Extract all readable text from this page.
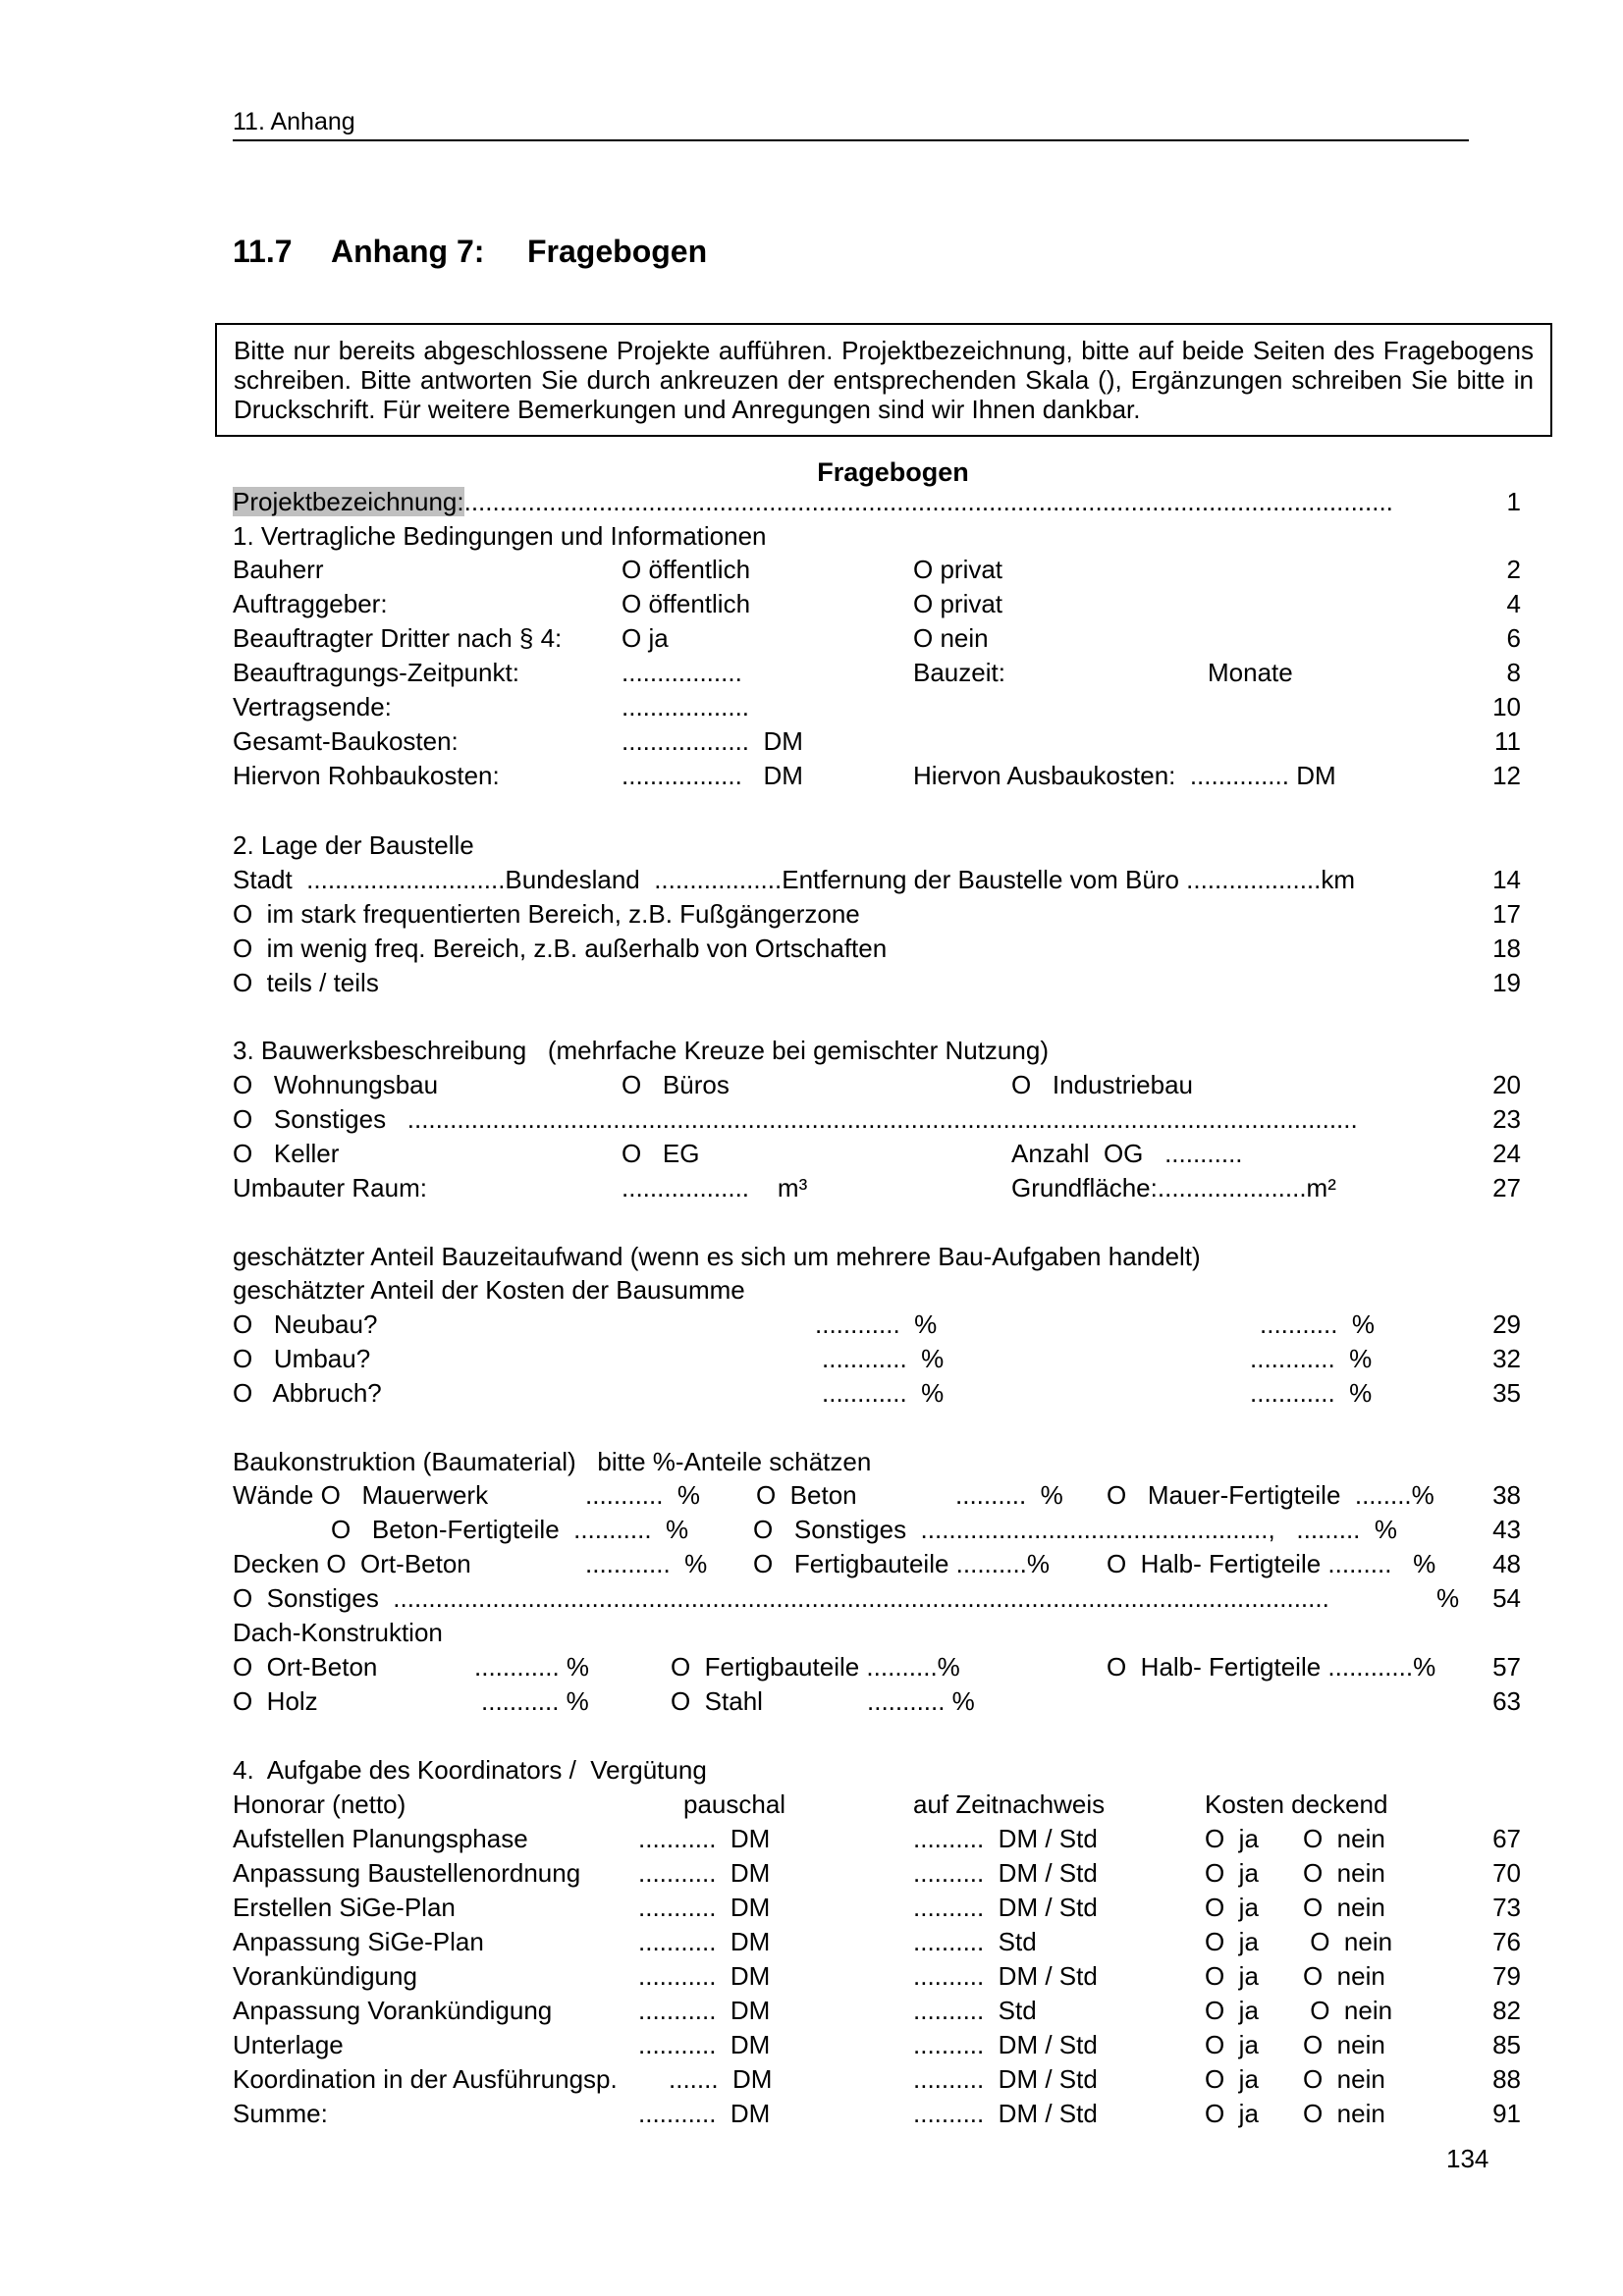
11. Anhang
11.7 Anhang 7: Fragebogen
Bitte nur bereits abgeschlossene Projekte aufführen. Projektbezeichnung, bitte auf beide Seiten des Fragebogens schreiben. Bitte antworten Sie durch ankreuzen der entsprechenden Skala (), Ergänzungen schreiben Sie bitte in Druckschrift. Für weitere Bemerkungen und Anregungen sind wir Ihnen dankbar.
Fragebogen
Projektbezeichnung:...................................................................................................................................	1
1. Vertragliche Bedingungen und Informationen
Bauherr	O öffentlich	O privat	2
Auftraggeber:	O öffentlich	O privat	4
Beauftragter Dritter nach § 4: O ja	O nein	6
Beauftragungs-Zeitpunkt:	.................	Bauzeit:	Monate	8
Vertragsende:	..................	10
Gesamt-Baukosten:	..................  DM	11
Hiervon Rohbaukosten:	.................   DM	Hiervon Ausbaukosten:  .............. DM	12
2. Lage der Baustelle
Stadt  ............................Bundesland  ..................Entfernung der Baustelle vom Büro ...................km	14
O  im stark frequentierten Bereich, z.B. Fußgängerzone	17
O  im wenig freq. Bereich, z.B. außerhalb von Ortschaften	18
O  teils / teils	19
3. Bauwerksbeschreibung   (mehrfache Kreuze bei gemischter Nutzung)
O   Wohnungsbau	O   Büros	O   Industriebau	20
O   Sonstiges   ......................................................................................................................................	23
O   Keller	O   EG	Anzahl  OG   ...........	24
Umbauter Raum:	..................    m³	Grundfläche:.....................m²	27
geschätzter Anteil Bauzeitaufwand (wenn es sich um mehrere Bau-Aufgaben handelt)
geschätzter Anteil der Kosten der Bausumme
O   Neubau?	............  %	...........  %	29
O   Umbau?	............  %	............  %	32
O   Abbruch?	............  %	............  %	35
Baukonstruktion (Baumaterial)   bitte %-Anteile schätzen
Wände O   Mauerwerk	...........  % O  Beton	..........  % O   Mauer-Fertigteile  ........% 38
O   Beton-Fertigteile  ...........  %	O   Sonstiges  .................................................,   .........  %	43
Decken O  Ort-Beton	............  % O   Fertigbauteile ..........% O  Halb- Fertigteile .........   % 48
O  Sonstiges  ....................................................................................................................................	% 54
Dach-Konstruktion
O  Ort-Beton	............ %	O  Fertigbauteile ..........%	O  Halb- Fertigteile ............% 57
O  Holz	........... %	O  Stahl	........... %	63
4.  Aufgabe des Koordinators /  Vergütung
Honorar (netto)	pauschal	auf Zeitnachweis	Kosten deckend
Aufstellen Planungsphase	...........  DM	..........  DM / Std	O  ja O  nein	67
Anpassung Baustellenordnung ...........  DM	..........  DM / Std	O  ja O  nein	70
Erstellen SiGe-Plan	...........  DM	..........  DM / Std	O  ja O  nein	73
Anpassung SiGe-Plan	...........  DM	..........  Std	O  ja O  nein	76
Vorankündigung	...........  DM	..........  DM / Std	O  ja O  nein	79
Anpassung Vorankündigung	...........  DM	..........  Std	O  ja O  nein	82
Unterlage	...........  DM	..........  DM / Std	O  ja O  nein	85
Koordination in der Ausführungsp. .......  DM	..........  DM / Std	O  ja O  nein	88
Summe:	...........  DM	..........  DM / Std	O  ja O  nein	91
134
